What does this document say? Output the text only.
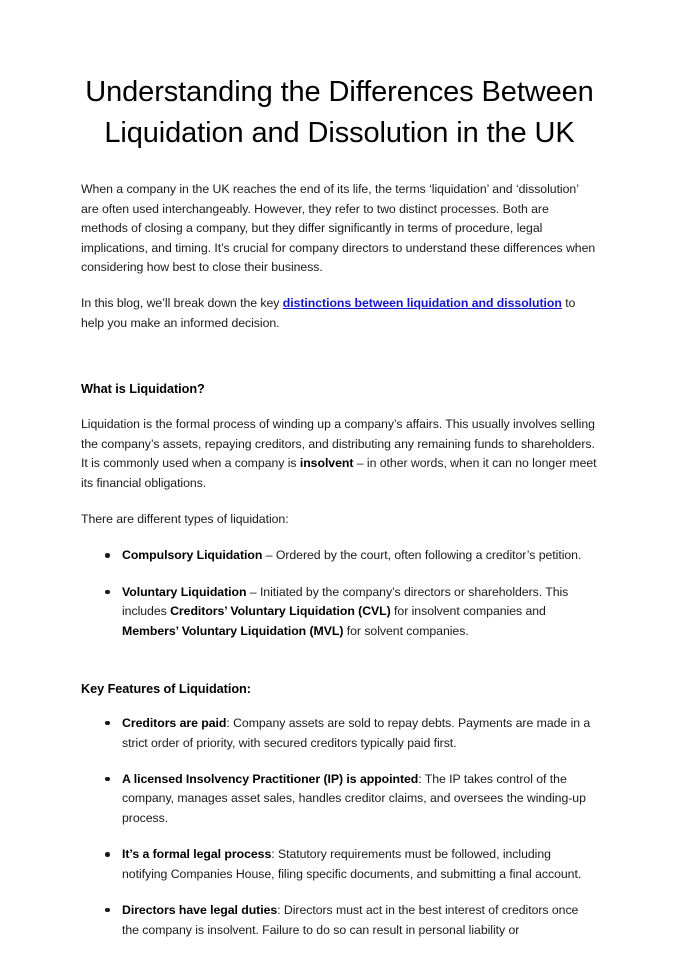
Understanding the Differences Between Liquidation and Dissolution in the UK

When a company in the UK reaches the end of its life, the terms ‘liquidation’ and ‘dissolution’ are often used interchangeably. However, they refer to two distinct processes. Both are methods of closing a company, but they differ significantly in terms of procedure, legal implications, and timing. It’s crucial for company directors to understand these differences when considering how best to close their business.

In this blog, we’ll break down the key distinctions between liquidation and dissolution to help you make an informed decision.

What is Liquidation?

Liquidation is the formal process of winding up a company’s affairs. This usually involves selling the company’s assets, repaying creditors, and distributing any remaining funds to shareholders. It is commonly used when a company is insolvent – in other words, when it can no longer meet its financial obligations.

There are different types of liquidation:

Compulsory Liquidation – Ordered by the court, often following a creditor’s petition.
Voluntary Liquidation – Initiated by the company’s directors or shareholders. This includes Creditors’ Voluntary Liquidation (CVL) for insolvent companies and Members’ Voluntary Liquidation (MVL) for solvent companies.
Key Features of Liquidation:
Creditors are paid: Company assets are sold to repay debts. Payments are made in a strict order of priority, with secured creditors typically paid first.
A licensed Insolvency Practitioner (IP) is appointed: The IP takes control of the company, manages asset sales, handles creditor claims, and oversees the winding-up process.
It’s a formal legal process: Statutory requirements must be followed, including notifying Companies House, filing specific documents, and submitting a final account.
Directors have legal duties: Directors must act in the best interest of creditors once the company is insolvent. Failure to do so can result in personal liability or
